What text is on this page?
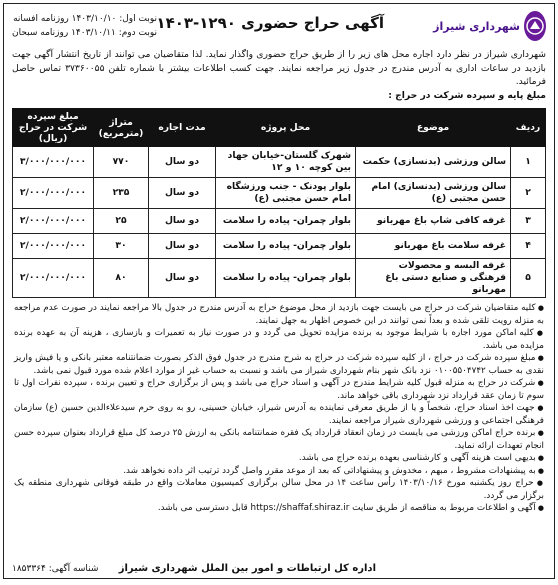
شهرداری شیراز
آگهی حراج حضوری ۱۲۹۰-۱۴۰۳
نوبت اول: ۱۴۰۳/۱۰/۱۰ روزنامه افسانه
نوبت دوم: ۱۴۰۳/۱۰/۱۱ روزنامه سبحان
شهرداری شیراز در نظر دارد اجاره محل های زیر را از طریق حراج حضوری واگذار نماید. لذا متقاضیان می توانند از تاریخ انتشار آگهی جهت بازدید در ساعات اداری به آدرس مندرج در جدول زیر مراجعه نمایند. جهت کسب اطلاعات بیشتر با شماره تلفن ۳۷۳۶۰۰۵۵ تماس حاصل فرمائید.
مبلغ پایه و سپرده شرکت در حراج :
ردیف	موضوع	محل پروژه	مدت اجاره	متراژ (مترمربع)	مبلغ سپرده شرکت در حراج (ریال)
۱	سالن ورزشی (بدنسازی) حکمت	شهرک گلستان-خیابان جهاد بین کوچه ۱۰ و ۱۲	دو سال	۷۷۰	۳/۰۰۰/۰۰۰/۰۰۰
۲	سالن ورزشی (بدنسازی) امام حسن مجتبی (ع)	بلوار پودنک - جنب ورزشگاه امام حسن مجتبی (ع)	دو سال	۲۳۵	۲/۰۰۰/۰۰۰/۰۰۰
۳	غرفه کافی شاپ باغ مهربانو	بلوار چمران- پیاده را سلامت	دو سال	۲۵	۲/۰۰۰/۰۰۰/۰۰۰
۴	غرفه سلامت باغ مهربانو	بلوار چمران- پیاده را سلامت	دو سال	۳۰	۲/۰۰۰/۰۰۰/۰۰۰
۵	غرفه البسه و محصولات فرهنگی و صنایع دستی باغ مهربانو	بلوار چمران- پیاده را سلامت	دو سال	۸۰	۲/۰۰۰/۰۰۰/۰۰۰

● کلیه متقاضیان شرکت در حراج می بایست جهت بازدید از محل موضوع حراج به آدرس مندرج در جدول بالا مراجعه نمایند در صورت عدم مراجعه به منزله رویت تلقی شده و بعداً نمی توانند در این خصوص اظهار به جهل نمایند.

● کلیه اماکن مورد اجاره با شرایط موجود به برنده مزایده تحویل می گردد و در صورت نیاز به تعمیرات و بازسازی ، هزینه آن به عهده برنده مزایده می باشد.

● مبلغ سپرده شرکت در حراج ، از کلیه سپرده شرکت در حراج به شرح مندرج در جدول فوق الذکر بصورت ضمانتنامه معتبر بانکی و یا فیش واریز نقدی به حساب ۰۱۰۰۵۵۰۴۷۴۲ نزد بانک شهر بنام شهرداری شیراز می باشد و نسبت به حساب غیر از موارد اعلام شده مورد قبول نمی باشد.

● شرکت در حراج به منزله قبول کلیه شرایط مندرج در آگهی و اسناد حراج می باشد و پس از برگزاری حراج و تعیین برنده ، سپرده نفرات اول تا سوم تا زمان عقد قرارداد نزد شهرداری باقی خواهد ماند.

● جهت اخذ اسناد حراج، شخصاً و یا از طریق معرفی نماینده به آدرس شیراز، خیابان حسینی، رو به روی حرم سیدعلاءالدین حسین (ع) سازمان فرهنگی اجتماعی و ورزشی شهرداری شیراز مراجعه نمایند.

● برنده حراج اماکن ورزشی می بایست در زمان انعقاد قرارداد یک فقره ضمانتنامه بانکی به ارزش ۲۵ درصد کل مبلغ قرارداد بعنوان سپرده حسن انجام تعهدات ارائه نماید.

● بدیهی است هزینه آگهی و کارشناسی بعهده برنده حراج می باشد.

● به پیشنهادات مشروط ، مبهم ، مخدوش و پیشنهاداتی که بعد از موعد مقرر واصل گردد ترتیب اثر داده نخواهد شد.

● حراج روز یکشنبه مورخ ۱۴۰۳/۱۰/۱۶ رأس ساعت ۱۴ در محل سالن برگزاری کمیسیون معاملات واقع در طبقه فوقانی شهرداری منطقه یک برگزار می گردد.

● آگهی و اطلاعات مربوط به مناقصه از طریق سایت https://shaffaf.shiraz.ir قابل دسترسی می باشد.

اداره کل ارتباطات و امور بین الملل شهرداری شیراز
شناسه آگهی: ۱۸۵۳۳۶۴
